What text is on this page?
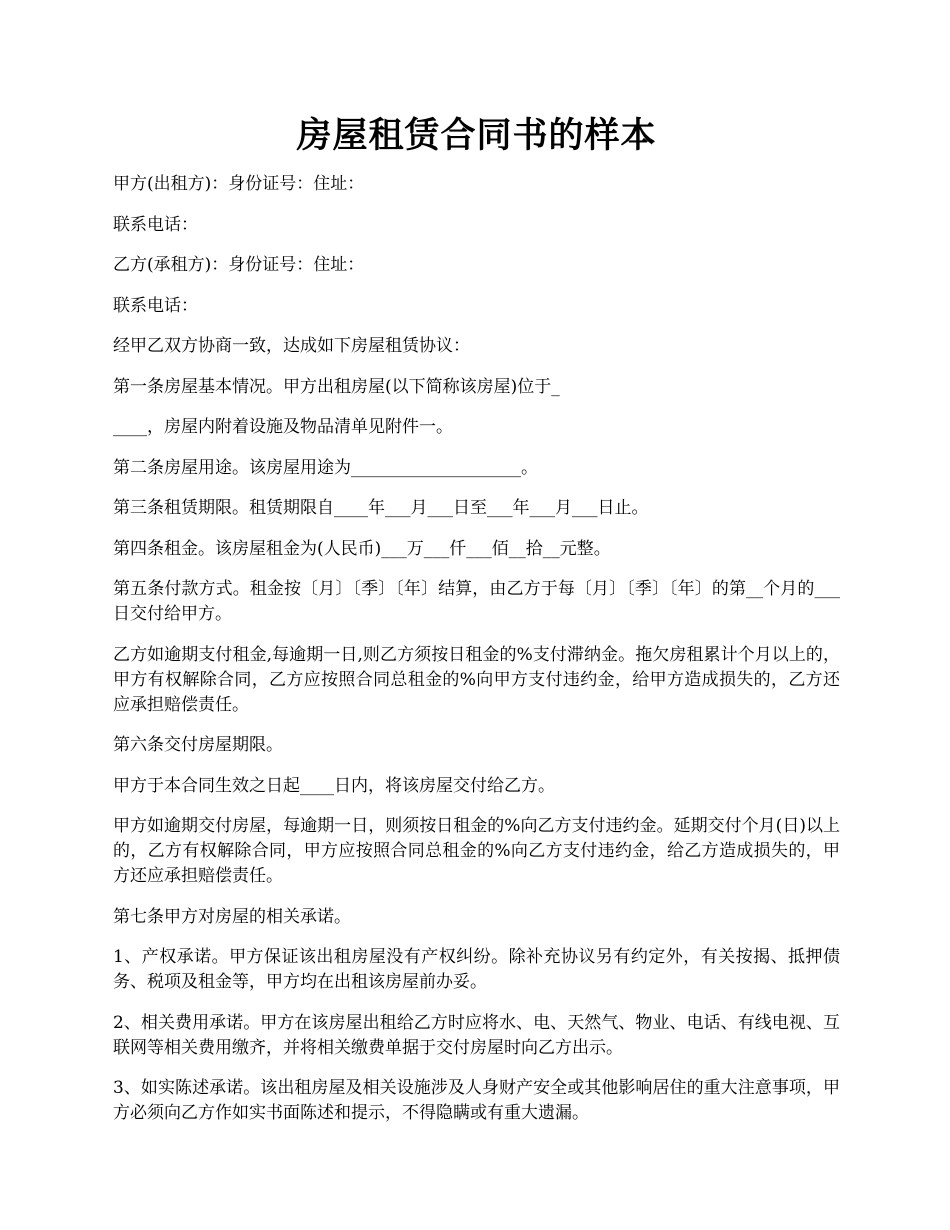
房屋租赁合同书的样本

甲方(出租方)：身份证号：住址：

联系电话：

乙方(承租方)：身份证号：住址：

联系电话：

经甲乙双方协商一致，达成如下房屋租赁协议：

第一条房屋基本情况。甲方出租房屋(以下简称该房屋)位于_

____，房屋内附着设施及物品清单见附件一。

第二条房屋用途。该房屋用途为____________________。

第三条租赁期限。租赁期限自____年___月___日至___年___月___日止。

第四条租金。该房屋租金为(人民币)___万___仟___佰__拾__元整。

第五条付款方式。租金按〔月〕〔季〕〔年〕结算，由乙方于每〔月〕〔季〕〔年〕的第__个月的___日交付给甲方。

乙方如逾期支付租金,每逾期一日,则乙方须按日租金的%支付滞纳金。拖欠房租累计个月以上的，甲方有权解除合同，乙方应按照合同总租金的%向甲方支付违约金，给甲方造成损失的，乙方还应承担赔偿责任。

第六条交付房屋期限。

甲方于本合同生效之日起____日内，将该房屋交付给乙方。

甲方如逾期交付房屋，每逾期一日，则须按日租金的%向乙方支付违约金。延期交付个月(日)以上的，乙方有权解除合同，甲方应按照合同总租金的%向乙方支付违约金，给乙方造成损失的，甲方还应承担赔偿责任。

第七条甲方对房屋的相关承诺。

1、产权承诺。甲方保证该出租房屋没有产权纠纷。除补充协议另有约定外，有关按揭、抵押债务、税项及租金等，甲方均在出租该房屋前办妥。

2、相关费用承诺。甲方在该房屋出租给乙方时应将水、电、天然气、物业、电话、有线电视、互联网等相关费用缴齐，并将相关缴费单据于交付房屋时向乙方出示。

3、如实陈述承诺。该出租房屋及相关设施涉及人身财产安全或其他影响居住的重大注意事项，甲方必须向乙方作如实书面陈述和提示，不得隐瞒或有重大遗漏。
